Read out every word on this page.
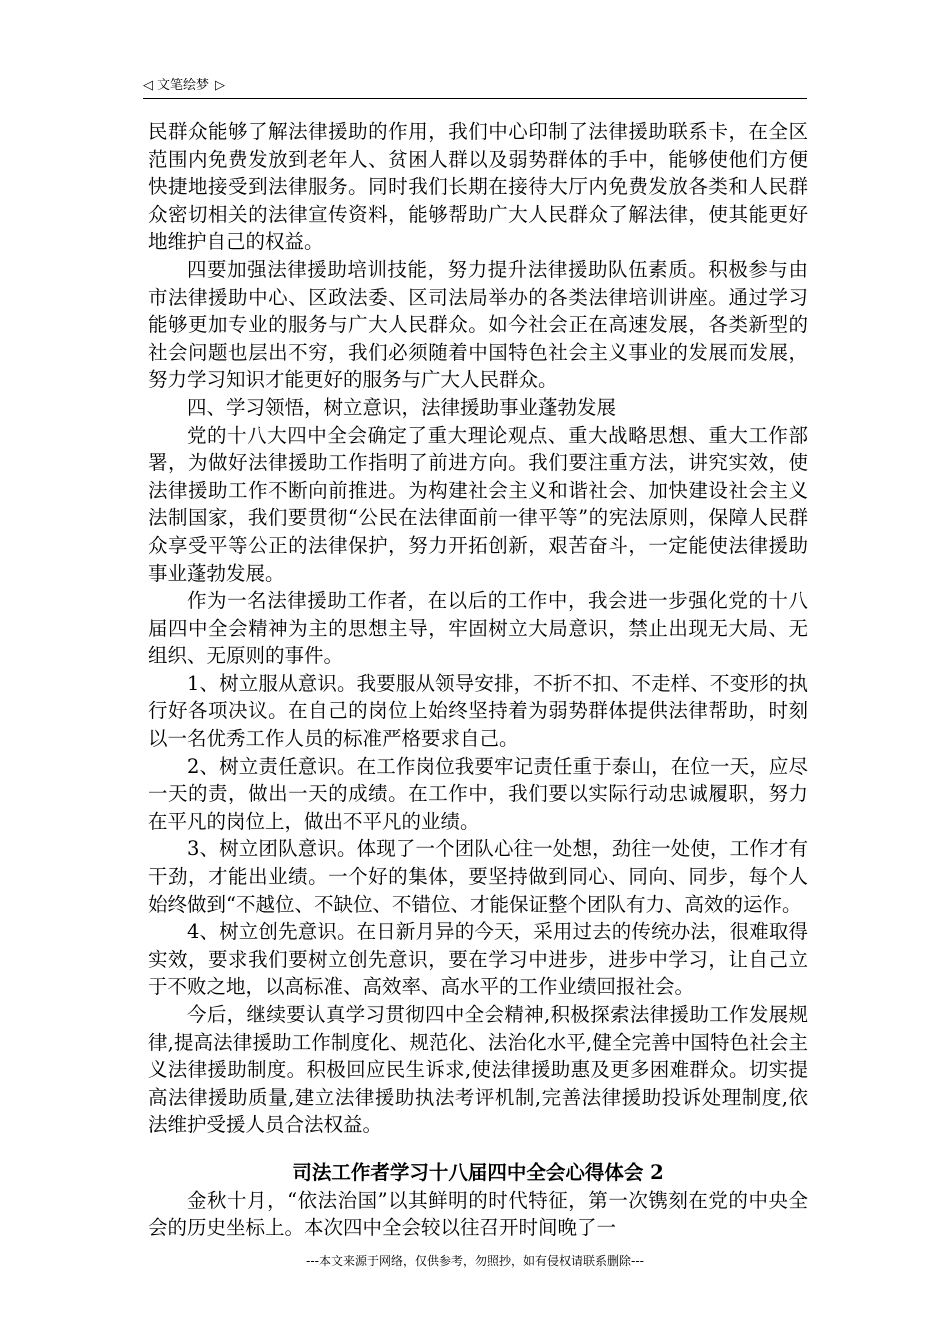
◁ 文笔绘梦 ▷

民群众能够了解法律援助的作用，我们中心印制了法律援助联系卡，在全区范围内免费发放到老年人、贫困人群以及弱势群体的手中，能够使他们方便快捷地接受到法律服务。同时我们长期在接待大厅内免费发放各类和人民群众密切相关的法律宣传资料，能够帮助广大人民群众了解法律，使其能更好地维护自己的权益。

四要加强法律援助培训技能，努力提升法律援助队伍素质。积极参与由市法律援助中心、区政法委、区司法局举办的各类法律培训讲座。通过学习能够更加专业的服务与广大人民群众。如今社会正在高速发展，各类新型的社会问题也层出不穷，我们必须随着中国特色社会主义事业的发展而发展，努力学习知识才能更好的服务与广大人民群众。

四、学习领悟，树立意识，法律援助事业蓬勃发展

党的十八大四中全会确定了重大理论观点、重大战略思想、重大工作部署，为做好法律援助工作指明了前进方向。我们要注重方法，讲究实效，使法律援助工作不断向前推进。为构建社会主义和谐社会、加快建设社会主义法制国家，我们要贯彻“公民在法律面前一律平等”的宪法原则，保障人民群众享受平等公正的法律保护，努力开拓创新，艰苦奋斗，一定能使法律援助事业蓬勃发展。

作为一名法律援助工作者，在以后的工作中，我会进一步强化党的十八届四中全会精神为主的思想主导，牢固树立大局意识，禁止出现无大局、无组织、无原则的事件。

1、树立服从意识。我要服从领导安排，不折不扣、不走样、不变形的执行好各项决议。在自己的岗位上始终坚持着为弱势群体提供法律帮助，时刻以一名优秀工作人员的标准严格要求自己。

2、树立责任意识。在工作岗位我要牢记责任重于泰山，在位一天，应尽一天的责，做出一天的成绩。在工作中，我们要以实际行动忠诚履职，努力在平凡的岗位上，做出不平凡的业绩。

3、树立团队意识。体现了一个团队心往一处想，劲往一处使，工作才有干劲，才能出业绩。一个好的集体，要坚持做到同心、同向、同步，每个人始终做到“不越位、不缺位、不错位、才能保证整个团队有力、高效的运作。

4、树立创先意识。在日新月异的今天，采用过去的传统办法，很难取得实效，要求我们要树立创先意识，要在学习中进步，进步中学习，让自己立于不败之地，以高标准、高效率、高水平的工作业绩回报社会。

今后，继续要认真学习贯彻四中全会精神,积极探索法律援助工作发展规律,提高法律援助工作制度化、规范化、法治化水平,健全完善中国特色社会主义法律援助制度。积极回应民生诉求,使法律援助惠及更多困难群众。切实提高法律援助质量,建立法律援助执法考评机制,完善法律援助投诉处理制度,依法维护受援人员合法权益。

司法工作者学习十八届四中全会心得体会 2

金秋十月，“依法治国”以其鲜明的时代特征，第一次镌刻在党的中央全会的历史坐标上。本次四中全会较以往召开时间晚了一

---本文来源于网络，仅供参考，勿照抄，如有侵权请联系删除---
